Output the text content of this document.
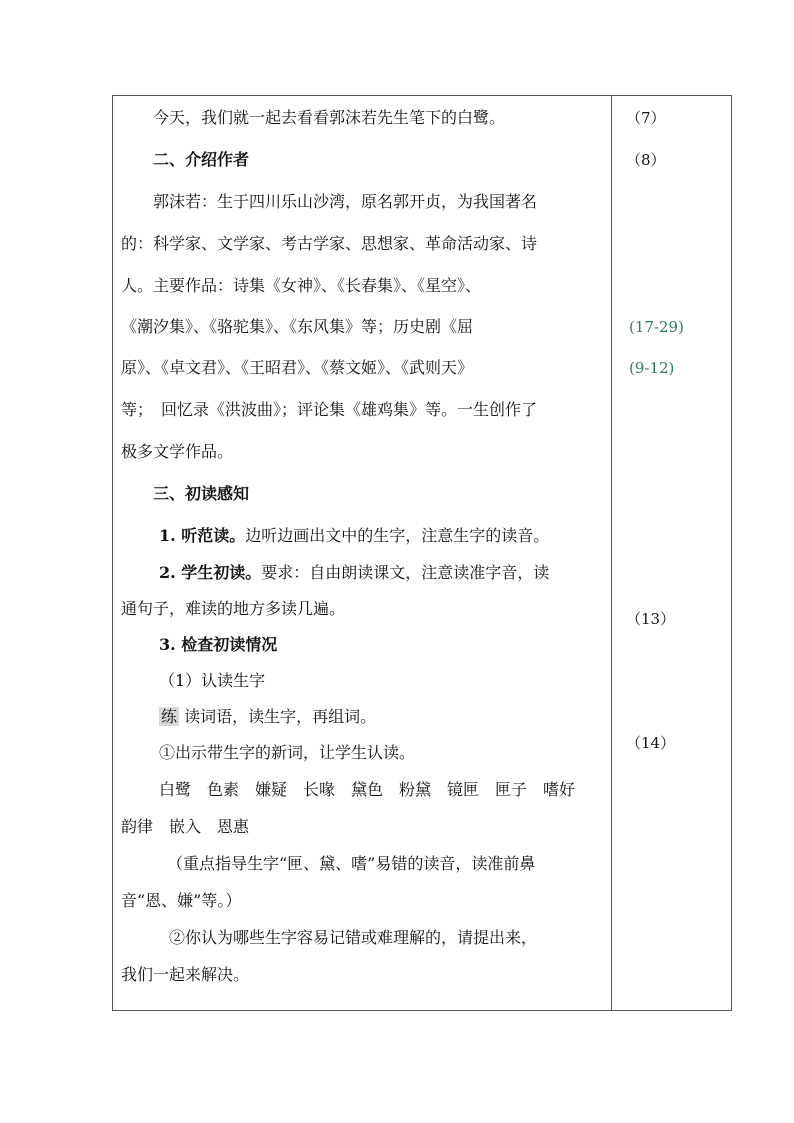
　　今天，我们就一起去看看郭沫若先生笔下的白鹭。
　　二、介绍作者
　　郭沫若：生于四川乐山沙湾，原名郭开贞，为我国著名
的：科学家、文学家、考古学家、思想家、革命活动家、诗
人。主要作品：诗集《女神》、《长春集》、《星空》、
《潮汐集》、《骆驼集》、《东风集》等；历史剧《屈
原》、《卓文君》、《王昭君》、《蔡文姬》、《武则天》
等；　回忆录《洪波曲》；评论集《雄鸡集》等。一生创作了
极多文学作品。
　　三、初读感知
1. 听范读。边听边画出文中的生字，注意生字的读音。
2. 学生初读。要求：自由朗读课文，注意读准字音，读
通句子，难读的地方多读几遍。
3. 检查初读情况
（1）认读生字
练 读词语，读生字，再组词。
①出示带生字的新词，让学生认读。
白鹭　色素　嫌疑　长喙　黛色　粉黛　镜匣　匣子　嗜好
韵律　嵌入　恩惠
（重点指导生字“匣、黛、嗜”易错的读音，读准前鼻
音“恩、嫌”等。）
②你认为哪些生字容易记错或难理解的，请提出来，
我们一起来解决。
（7）
（8）
(17-29)
(9-12)
（13）
（14）
